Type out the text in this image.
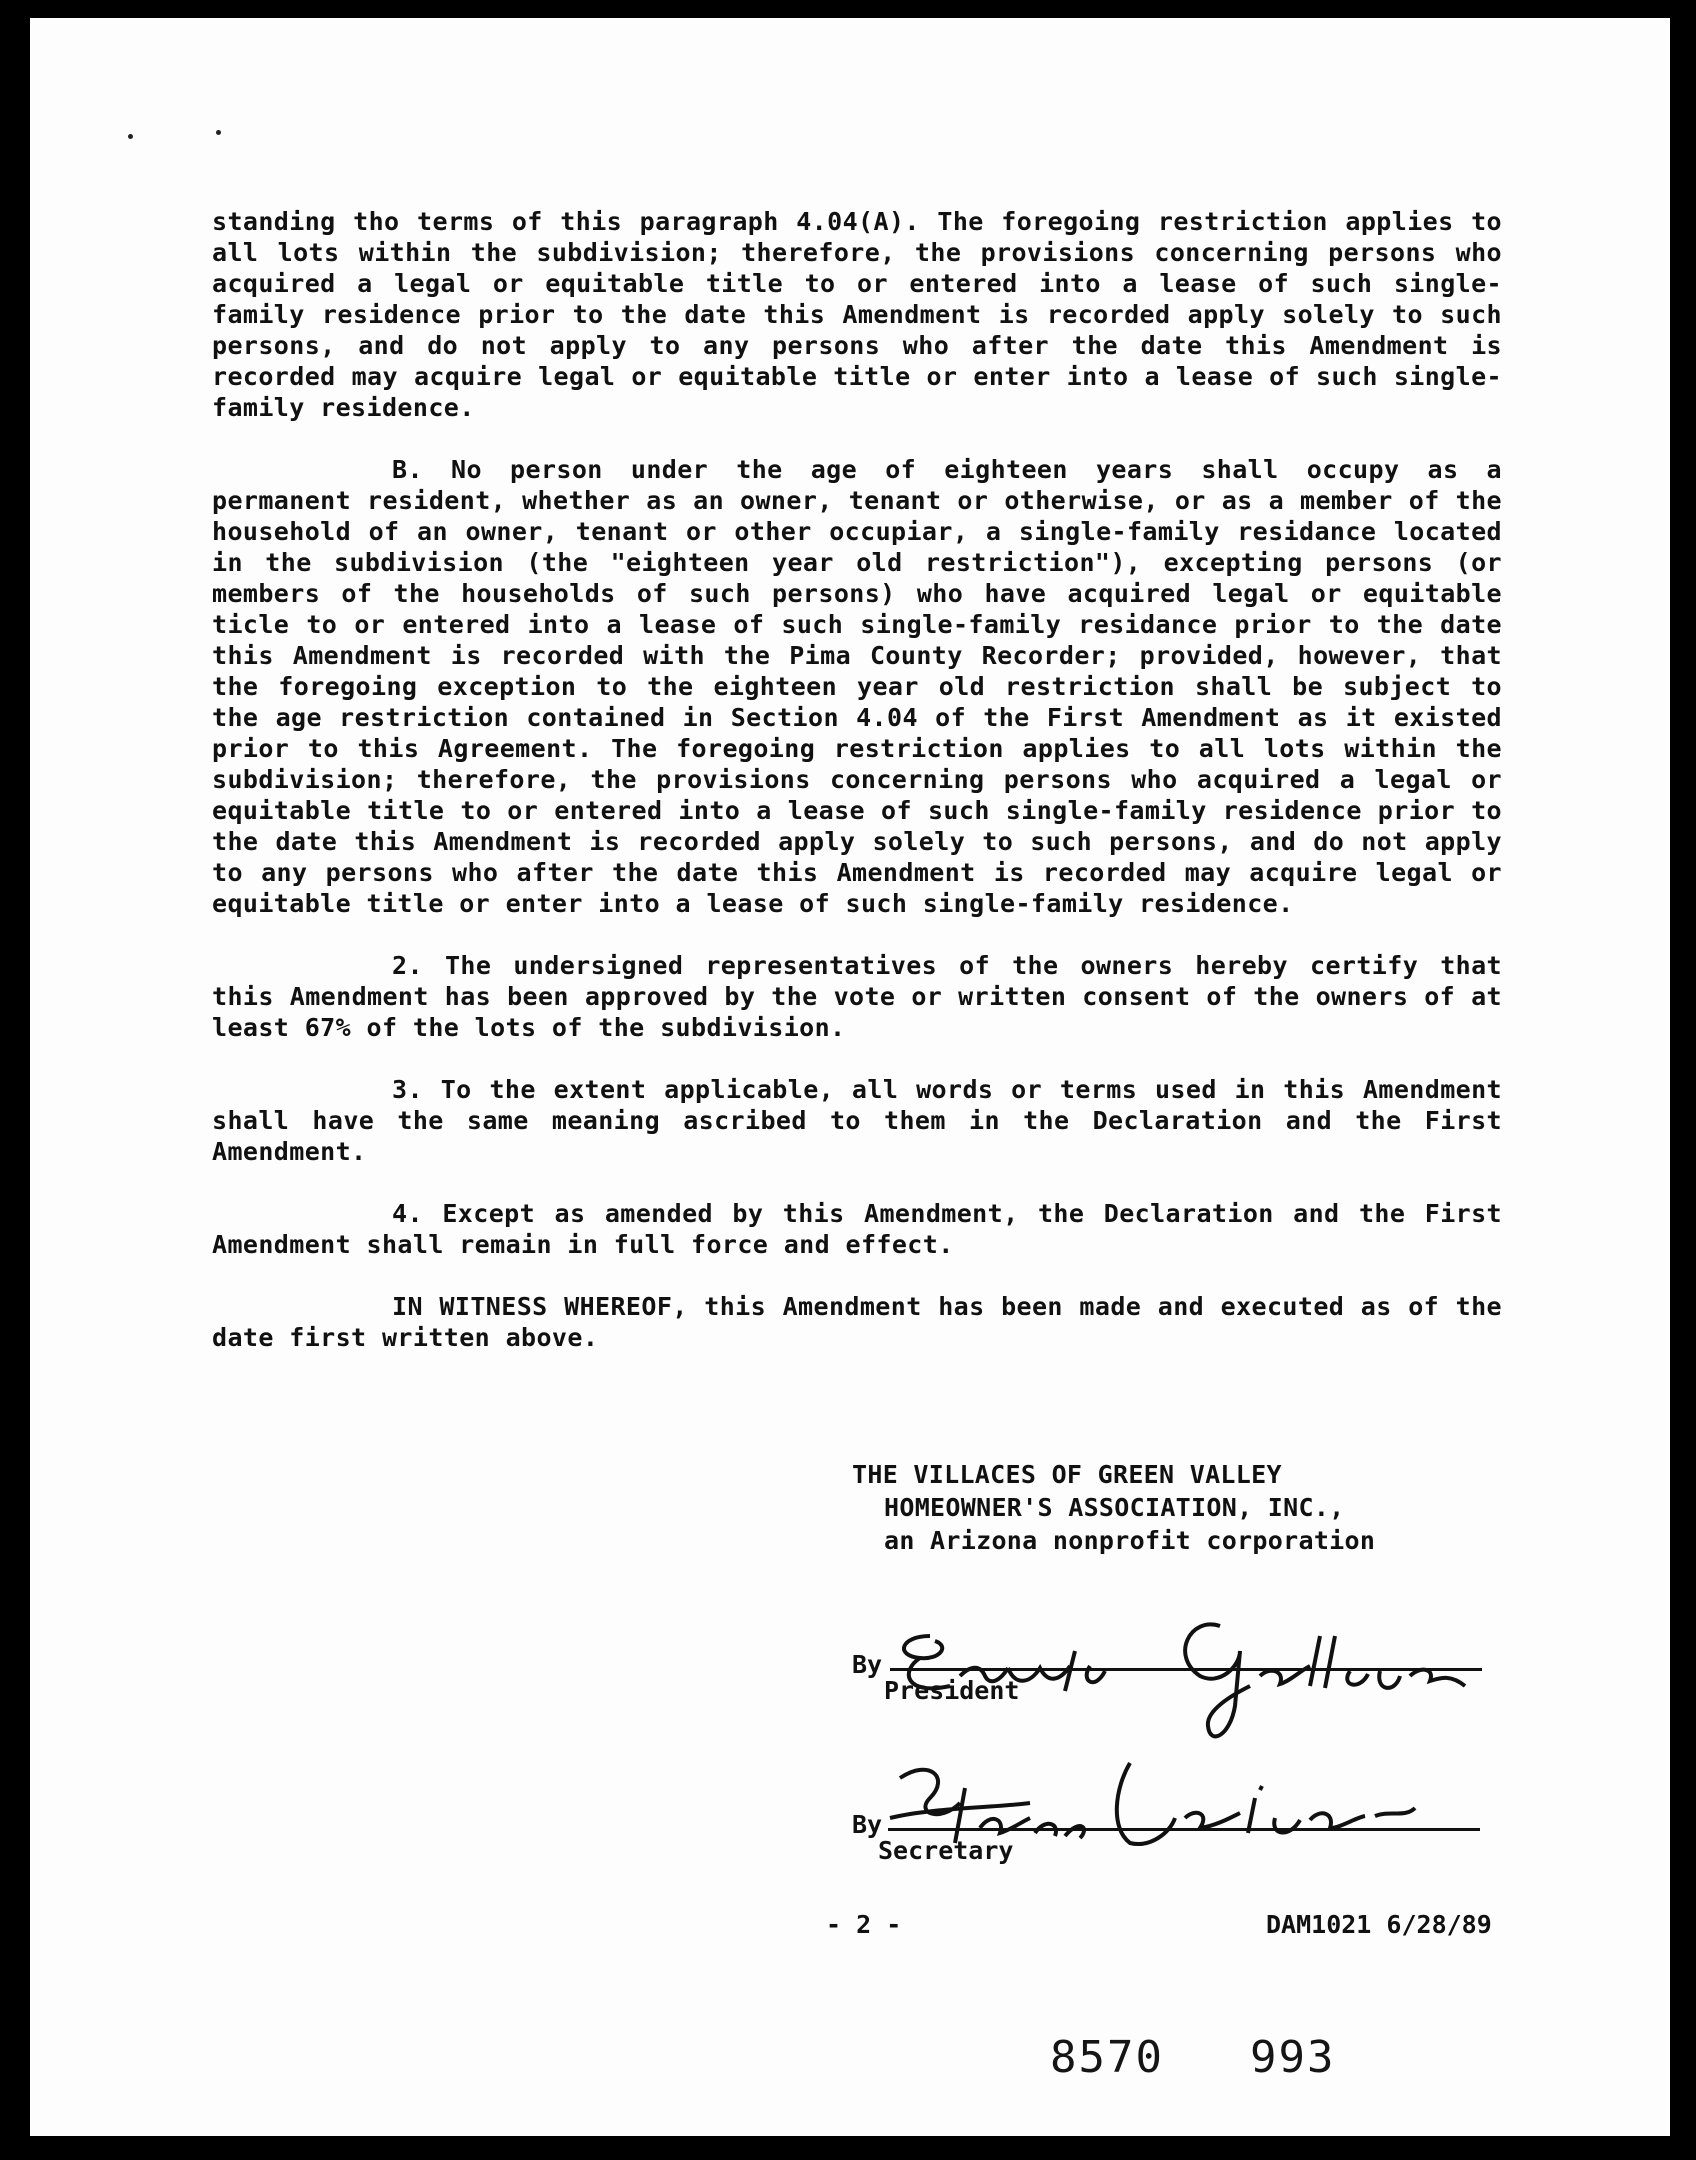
standing tho terms of this paragraph 4.04(A). The foregoing restriction applies to all lots within the subdivision; therefore, the provisions concerning persons who acquired a legal or equitable title to or entered into a lease of such single-family residence prior to the date this Amendment is recorded apply solely to such persons, and do not apply to any persons who after the date this Amendment is recorded may acquire legal or equitable title or enter into a lease of such single-family residence.

B. No person under the age of eighteen years shall occupy as a permanent resident, whether as an owner, tenant or otherwise, or as a member of the household of an owner, tenant or other occupiar, a single-family residance located in the subdivision (the "eighteen year old restriction"), excepting persons (or members of the households of such persons) who have acquired legal or equitable ticle to or entered into a lease of such single-family residance prior to the date this Amendment is recorded with the Pima County Recorder; provided, however, that the foregoing exception to the eighteen year old restriction shall be subject to the age restriction contained in Section 4.04 of the First Amendment as it existed prior to this Agreement. The foregoing restriction applies to all lots within the subdivision; therefore, the provisions concerning persons who acquired a legal or equitable title to or entered into a lease of such single-family residence prior to the date this Amendment is recorded apply solely to such persons, and do not apply to any persons who after the date this Amendment is recorded may acquire legal or equitable title or enter into a lease of such single-family residence.

2. The undersigned representatives of the owners hereby certify that this Amendment has been approved by the vote or written consent of the owners of at least 67% of the lots of the subdivision.

3. To the extent applicable, all words or terms used in this Amendment shall have the same meaning ascribed to them in the Declaration and the First Amendment.

4. Except as amended by this Amendment, the Declaration and the First Amendment shall remain in full force and effect.

IN WITNESS WHEREOF, this Amendment has been made and executed as of the date first written above.

THE VILLACES OF GREEN VALLEY
HOMEOWNER'S ASSOCIATION, INC.,
an Arizona nonprofit corporation
By
President
By
Secretary
- 2 -	DAM1021 6/28/89
8570 993
